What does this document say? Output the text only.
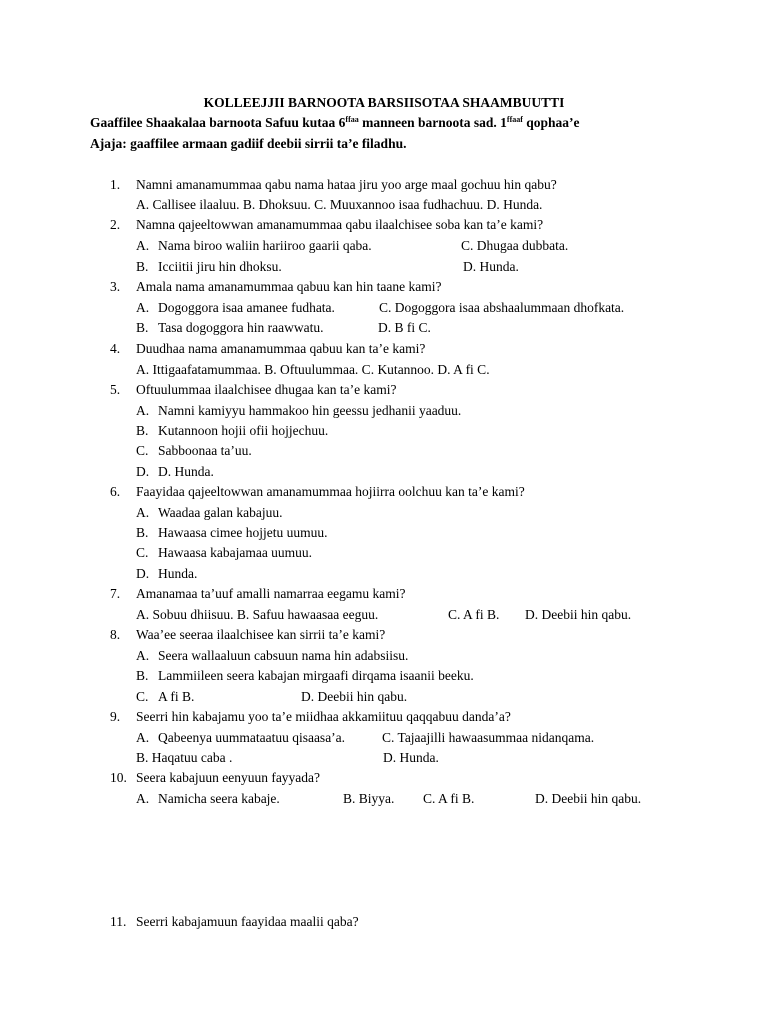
KOLLEEJJII BARNOOTA BARSIISOTAA SHAAMBUUTTI
Gaaffilee Shaakalaa barnoota Safuu kutaa $6^{ffaa}$ manneen barnoota sad. $1^{ffaaf}$ qophaa’e
Ajaja: gaaffilee armaan gadiif deebii sirrii ta’e filadhu.
1. Namni amanamummaa qabu nama hataa jiru yoo arge maal gochuu hin qabu?
A. Callisee ilaaluu. B. Dhoksuu. C. Muuxannoo isaa fudhachuu. D. Hunda.
2. Namna qajeeltowwan amanamummaa qabu ilaalchisee soba kan ta’e kami?
A. Nama biroo waliin hariiroo gaarii qaba.	C. Dhugaa dubbata.
B. Icciitii jiru hin dhoksu.	D. Hunda.
3. Amala nama amanamummaa qabuu kan hin taane kami?
A. Dogoggora isaa amanee fudhata.	C. Dogoggora isaa abshaalummaan dhofkata.
B. Tasa dogoggora hin raawwatu.	D. B fi C.
4. Duudhaa nama amanamummaa qabuu kan ta’e kami?
A. Ittigaafatamummaa. B. Oftuulummaa. C. Kutannoo. D. A fi C.
5. Oftuulummaa ilaalchisee dhugaa kan ta’e kami?
A. Namni kamiyyu hammakoo hin geessu jedhanii yaaduu.
B. Kutannoon hojii ofii hojjechuu.
C. Sabboonaa ta’uu.
D. D. Hunda.
6. Faayidaa qajeeltowwan amanamummaa hojiirra oolchuu kan ta’e kami?
A. Waadaa galan kabajuu.
B. Hawaasa cimee hojjetu uumuu.
C. Hawaasa kabajamaa uumuu.
D. Hunda.
7. Amanamaa ta’uuf amalli namarraa eegamu kami?
A. Sobuu dhiisuu. B. Safuu hawaasaa eeguu.	C. A fi B. D. Deebii hin qabu.
8. Waa’ee seeraa ilaalchisee kan sirrii ta’e kami?
A. Seera wallaaluun cabsuun nama hin adabsiisu.
B. Lammiileen seera kabajan mirgaafi dirqama isaanii beeku.
C. A fi B.	D. Deebii hin qabu.
9. Seerri hin kabajamu yoo ta’e miidhaa akkamiituu qaqqabuu danda’a?
A. Qabeenya uummataatuu qisaasa’a.	C. Tajaajilli hawaasummaa nidanqama.
B. Haqatuu caba .	D. Hunda.
10. Seera kabajuun eenyuun fayyada?
A. Namicha seera kabaje.	B. Biyya. C. A fi B.	D. Deebii hin qabu.
11. Seerri kabajamuun faayidaa maalii qaba?
